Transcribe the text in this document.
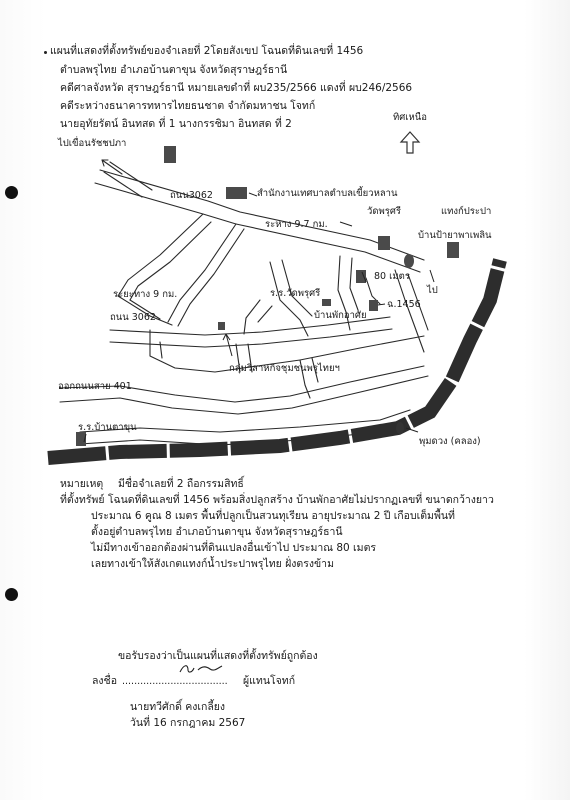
แผนที่แสดงที่ตั้งทรัพย์ของจำเลยที่ 2โดยสังเขป โฉนดที่ดินเลขที่ 1456
ตำบลพรุไทย อำเภอบ้านตาขุน จังหวัดสุราษฎร์ธานี
คดีศาลจังหวัด สุราษฎร์ธานี หมายเลขดำที่ ผบ235/2566 แดงที่ ผบ246/2566
คดีระหว่างธนาคารทหารไทยธนชาต จำกัดมหาชน โจทก์
นายอุทัยรัตน์ อินทสด ที่ 1 นางกรรชิมา อินทสด ที่ 2
ทิศเหนือ
ไปเขื่อนรัชชปภา
ถนน3062	สำนักงานเทศบาลตำบลเขี้ยวหลาน
วัดพรุศรี	แทงก์ประปา
ระหาง 9.7 กม.
บ้านป้ายาพาเพลิน
80 เมตร
ไป
ระยะทาง 9 กม.	ร.ร.วัดพรุศรี
ฉ.1456
บ้านพักอาศัย
ถนน 3062
กลุ่มวิสาหกิจชุมชนพรุไทยฯ
ออกถนนสาย 401
ร.ร.บ้านตาขุน
พุมดวง (คลอง)
หมายเหตุ มีชื่อจำเลยที่ 2 ถือกรรมสิทธิ์
ที่ตั้งทรัพย์ โฉนดที่ดินเลขที่ 1456 พร้อมสิ่งปลูกสร้าง บ้านพักอาศัยไม่ปรากฏเลขที่ ขนาดกว้างยาว
ประมาณ 6 คูณ 8 เมตร พื้นที่ปลูกเป็นสวนทุเรียน อายุประมาณ 2 ปี เกือบเต็มพื้นที่
ตั้งอยู่ตำบลพรุไทย อำเภอบ้านตาขุน จังหวัดสุราษฎร์ธานี
ไม่มีทางเข้าออกต้องผ่านที่ดินแปลงอื่นเข้าไป ประมาณ 80 เมตร
เลยทางเข้าให้สังเกตแทงก์น้ำประปาพรุไทย ฝั่งตรงข้าม
ขอรับรองว่าเป็นแผนที่แสดงที่ตั้งทรัพย์ถูกต้อง
ลงชื่อ ................................... ผู้แทนโจทก์
นายทวีศักดิ์ คงเกลี้ยง
วันที่ 16 กรกฎาคม 2567
